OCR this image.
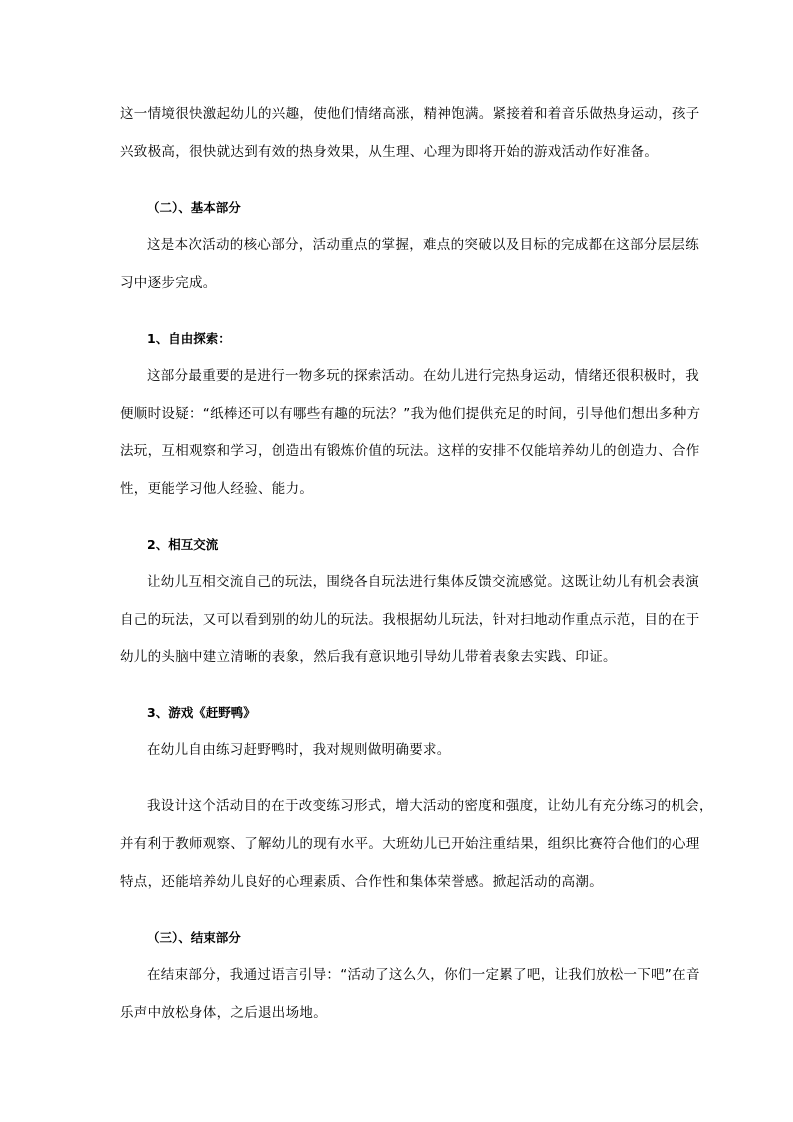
这一情境很快激起幼儿的兴趣，使他们情绪高涨，精神饱满。紧接着和着音乐做热身运动，孩子
兴致极高，很快就达到有效的热身效果，从生理、心理为即将开始的游戏活动作好准备。
（二）、基本部分
这是本次活动的核心部分，活动重点的掌握，难点的突破以及目标的完成都在这部分层层练
习中逐步完成。
1、自由探索：
这部分最重要的是进行一物多玩的探索活动。在幼儿进行完热身运动，情绪还很积极时，我
便顺时设疑：“纸棒还可以有哪些有趣的玩法？”我为他们提供充足的时间，引导他们想出多种方
法玩，互相观察和学习，创造出有锻炼价值的玩法。这样的安排不仅能培养幼儿的创造力、合作
性，更能学习他人经验、能力。
2、相互交流
让幼儿互相交流自己的玩法，围绕各自玩法进行集体反馈交流感觉。这既让幼儿有机会表演
自己的玩法，又可以看到别的幼儿的玩法。我根据幼儿玩法，针对扫地动作重点示范，目的在于
幼儿的头脑中建立清晰的表象，然后我有意识地引导幼儿带着表象去实践、印证。
3、游戏《赶野鸭》
在幼儿自由练习赶野鸭时，我对规则做明确要求。
我设计这个活动目的在于改变练习形式，增大活动的密度和强度，让幼儿有充分练习的机会，
并有利于教师观察、了解幼儿的现有水平。大班幼儿已开始注重结果，组织比赛符合他们的心理
特点，还能培养幼儿良好的心理素质、合作性和集体荣誉感。掀起活动的高潮。
（三）、结束部分
在结束部分，我通过语言引导：“活动了这么久，你们一定累了吧，让我们放松一下吧”在音
乐声中放松身体，之后退出场地。
